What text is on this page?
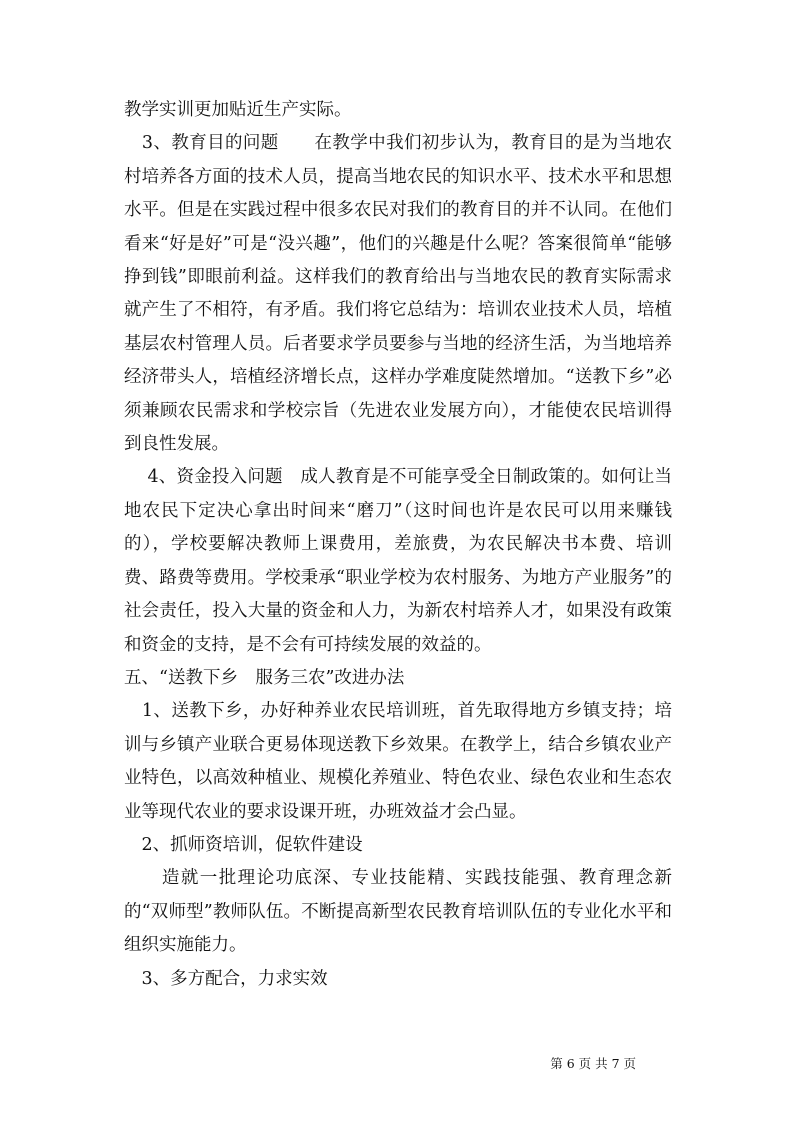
教学实训更加贴近生产实际。

　3、教育目的问题　　在教学中我们初步认为，教育目的是为当地农村培养各方面的技术人员，提高当地农民的知识水平、技术水平和思想水平。但是在实践过程中很多农民对我们的教育目的并不认同。在他们看来“好是好”可是“没兴趣”，他们的兴趣是什么呢？答案很简单“能够挣到钱”即眼前利益。这样我们的教育给出与当地农民的教育实际需求就产生了不相符，有矛盾。我们将它总结为：培训农业技术人员，培植基层农村管理人员。后者要求学员要参与当地的经济生活，为当地培养经济带头人，培植经济增长点，这样办学难度陡然增加。“送教下乡”必须兼顾农民需求和学校宗旨（先进农业发展方向），才能使农民培训得到良性发展。

　 4、资金投入问题　成人教育是不可能享受全日制政策的。如何让当地农民下定决心拿出时间来“磨刀”（这时间也许是农民可以用来赚钱的），学校要解决教师上课费用，差旅费，为农民解决书本费、培训费、路费等费用。学校秉承“职业学校为农村服务、为地方产业服务”的社会责任，投入大量的资金和人力，为新农村培养人才，如果没有政策和资金的支持，是不会有可持续发展的效益的。

五、“送教下乡　服务三农”改进办法

　1、送教下乡，办好种养业农民培训班，首先取得地方乡镇支持；培训与乡镇产业联合更易体现送教下乡效果。在教学上，结合乡镇农业产业特色，以高效种植业、规模化养殖业、特色农业、绿色农业和生态农业等现代农业的要求设课开班，办班效益才会凸显。

　2、抓师资培训，促软件建设

　　造就一批理论功底深、专业技能精、实践技能强、教育理念新的“双师型”教师队伍。不断提高新型农民教育培训队伍的专业化水平和组织实施能力。

　3、多方配合，力求实效

第 6 页 共 7 页
